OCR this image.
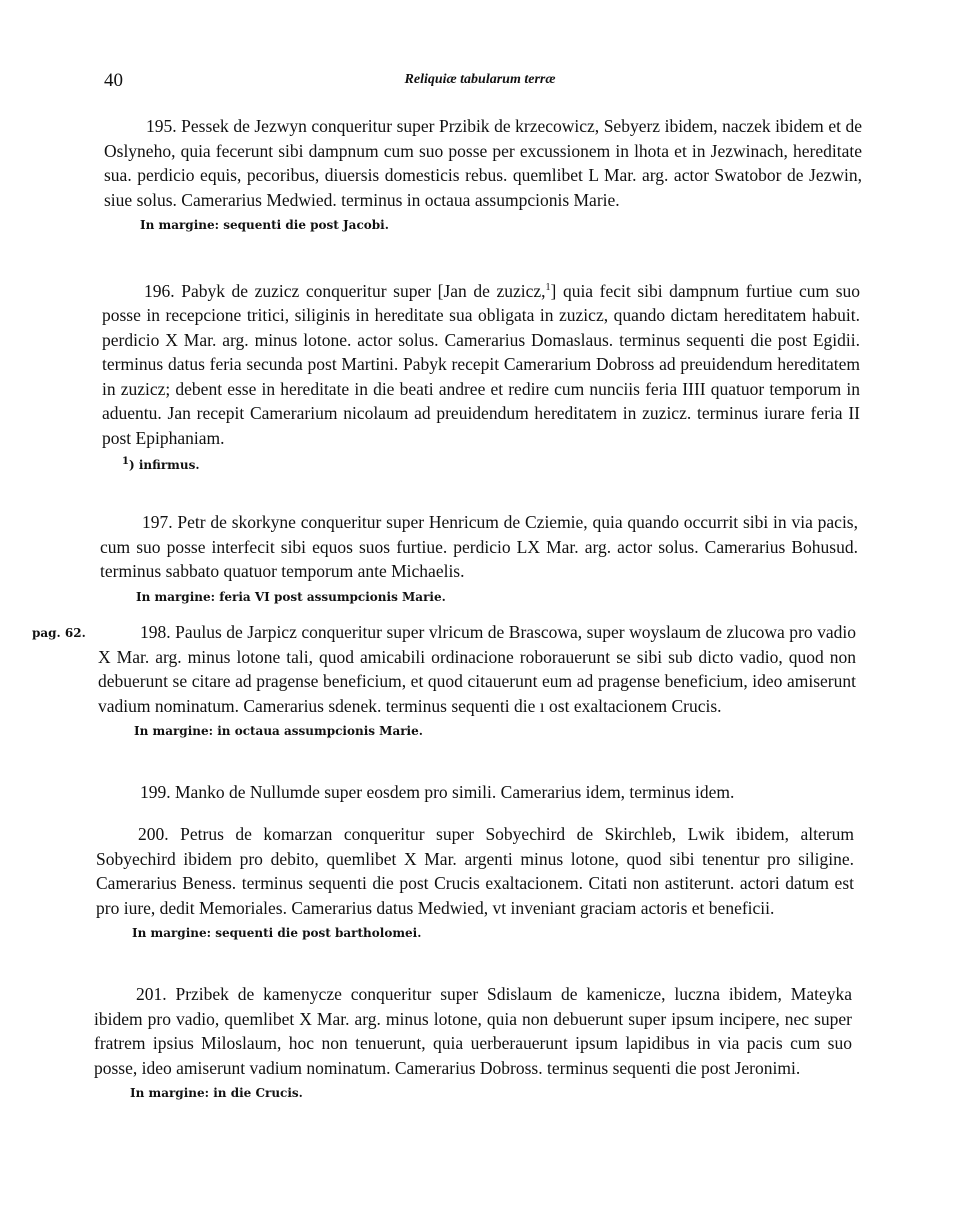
40	Reliquiæ tabularum terræ
pag. 62.
195. Pessek de Jezwyn conqueritur super Przibik de krzecowicz, Sebyerz ibidem, naczek ibidem et de Oslyneho, quia fecerunt sibi dampnum cum suo posse per excussionem in lhota et in Jezwinach, hereditate sua. perdicio equis, pecoribus, diuersis domesticis rebus. quemlibet L Mar. arg. actor Swatobor de Jezwin, siue solus. Camerarius Medwied. terminus in octaua assumpcionis Marie.
In margine: sequenti die post Jacobi.
196. Pabyk de zuzicz conqueritur super [Jan de zuzicz,$^1$] quia fecit sibi dampnum furtiue cum suo posse in recepcione tritici, siliginis in hereditate sua obligata in zuzicz, quando dictam hereditatem habuit. perdicio X Mar. arg. minus lotone. actor solus. Camerarius Domaslaus. terminus sequenti die post Egidii. terminus datus feria secunda post Martini. Pabyk recepit Camerarium Dobross ad preuidendum hereditatem in zuzicz; debent esse in hereditate in die beati andree et redire cum nunciis feria IIII quatuor temporum in aduentu. Jan recepit Camerarium nicolaum ad preuidendum hereditatem in zuzicz. terminus iurare feria II post Epiphaniam.
$^1$) infirmus.
197. Petr de skorkyne conqueritur super Henricum de Cziemie, quia quando occurrit sibi in via pacis, cum suo posse interfecit sibi equos suos furtiue. perdicio LX Mar. arg. actor solus. Camerarius Bohusud. terminus sabbato quatuor temporum ante Michaelis.
In margine: feria VI post assumpcionis Marie.
198. Paulus de Jarpicz conqueritur super vlricum de Brascowa, super woyslaum de zlucowa pro vadio X Mar. arg. minus lotone tali, quod amicabili ordinacione roborauerunt se sibi sub dicto vadio, quod non debuerunt se citare ad pragense beneficium, et quod citauerunt eum ad pragense beneficium, ideo amiserunt vadium nominatum. Camerarius sdenek. terminus sequenti die ı ost exaltacionem Crucis.
In margine: in octaua assumpcionis Marie.
199. Manko de Nullumde super eosdem pro simili. Camerarius idem, terminus idem.
200. Petrus de komarzan conqueritur super Sobyechird de Skirchleb, Lwik ibidem, alterum Sobyechird ibidem pro debito, quemlibet X Mar. argenti minus lotone, quod sibi tenentur pro siligine. Camerarius Beness. terminus sequenti die post Crucis exaltacionem. Citati non astiterunt. actori datum est pro iure, dedit Memoriales. Camerarius datus Medwied, vt inveniant graciam actoris et beneficii.
In margine: sequenti die post bartholomei.
201. Przibek de kamenycze conqueritur super Sdislaum de kamenicze, luczna ibidem, Mateyka ibidem pro vadio, quemlibet X Mar. arg. minus lotone, quia non debuerunt super ipsum incipere, nec super fratrem ipsius Miloslaum, hoc non tenuerunt, quia uerberauerunt ipsum lapidibus in via pacis cum suo posse, ideo amiserunt vadium nominatum. Camerarius Dobross. terminus sequenti die post Jeronimi.
In margine: in die Crucis.
